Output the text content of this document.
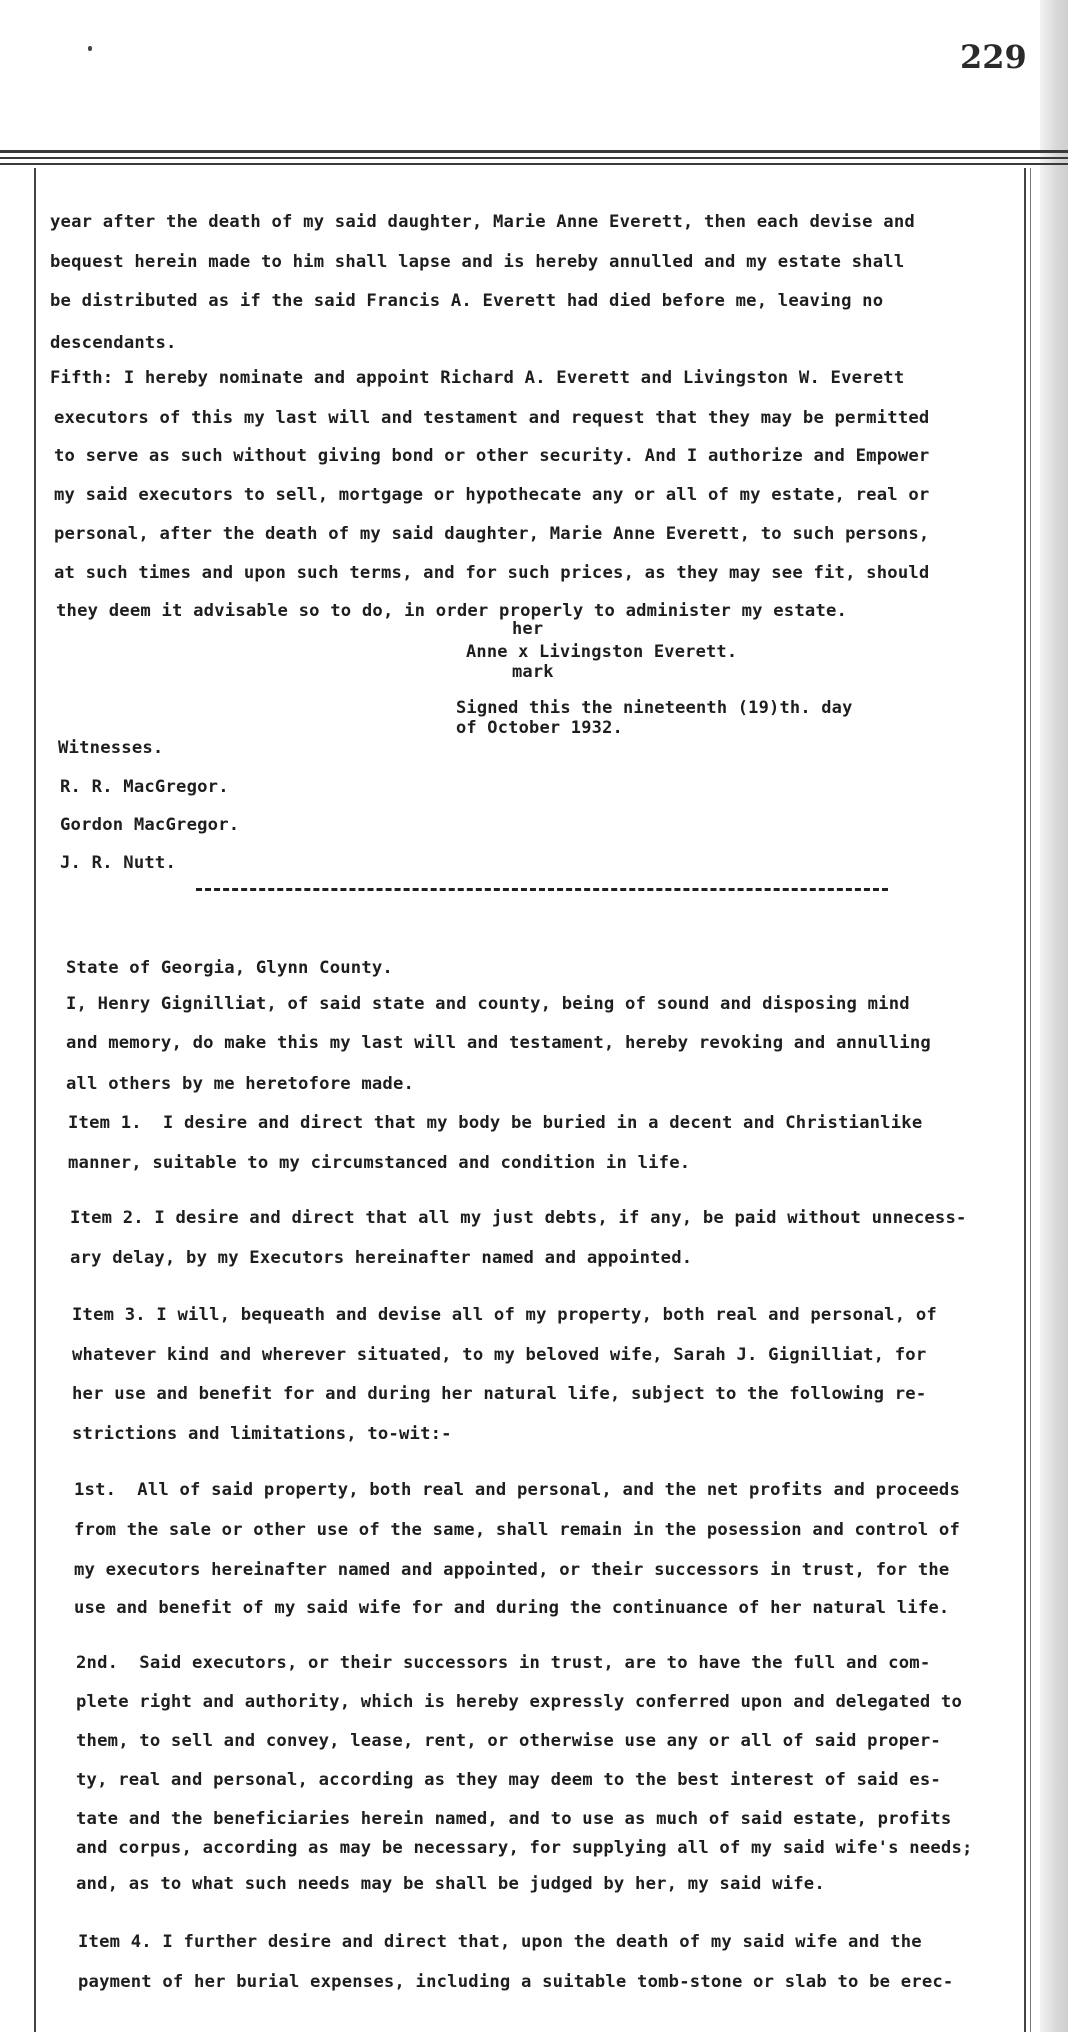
229
year after the death of my said daughter, Marie Anne Everett, then each devise and
bequest herein made to him shall lapse and is hereby annulled and my estate shall
be distributed as if the said Francis A. Everett had died before me, leaving no
descendants.
Fifth: I hereby nominate and appoint Richard A. Everett and Livingston W. Everett
executors of this my last will and testament and request that they may be permitted
to serve as such without giving bond or other security. And I authorize and Empower
my said executors to sell, mortgage or hypothecate any or all of my estate, real or
personal, after the death of my said daughter, Marie Anne Everett, to such persons,
at such times and upon such terms, and for such prices, as they may see fit, should
they deem it advisable so to do, in order properly to administer my estate.
her
Anne x Livingston Everett.
mark
Signed this the nineteenth (19)th. day
of October 1932.
Witnesses.
R. R. MacGregor.
Gordon MacGregor.
J. R. Nutt.
State of Georgia, Glynn County.
I, Henry Gignilliat, of said state and county, being of sound and disposing mind
and memory, do make this my last will and testament, hereby revoking and annulling
all others by me heretofore made.
Item 1.  I desire and direct that my body be buried in a decent and Christianlike
manner, suitable to my circumstanced and condition in life.
Item 2. I desire and direct that all my just debts, if any, be paid without unnecess-
ary delay, by my Executors hereinafter named and appointed.
Item 3. I will, bequeath and devise all of my property, both real and personal, of
whatever kind and wherever situated, to my beloved wife, Sarah J. Gignilliat, for
her use and benefit for and during her natural life, subject to the following re-
strictions and limitations, to-wit:-
1st.  All of said property, both real and personal, and the net profits and proceeds
from the sale or other use of the same, shall remain in the posession and control of
my executors hereinafter named and appointed, or their successors in trust, for the
use and benefit of my said wife for and during the continuance of her natural life.
2nd.  Said executors, or their successors in trust, are to have the full and com-
plete right and authority, which is hereby expressly conferred upon and delegated to
them, to sell and convey, lease, rent, or otherwise use any or all of said proper-
ty, real and personal, according as they may deem to the best interest of said es-
tate and the beneficiaries herein named, and to use as much of said estate, profits
and corpus, according as may be necessary, for supplying all of my said wife's needs;
and, as to what such needs may be shall be judged by her, my said wife.
Item 4. I further desire and direct that, upon the death of my said wife and the
payment of her burial expenses, including a suitable tomb-stone or slab to be erec-
